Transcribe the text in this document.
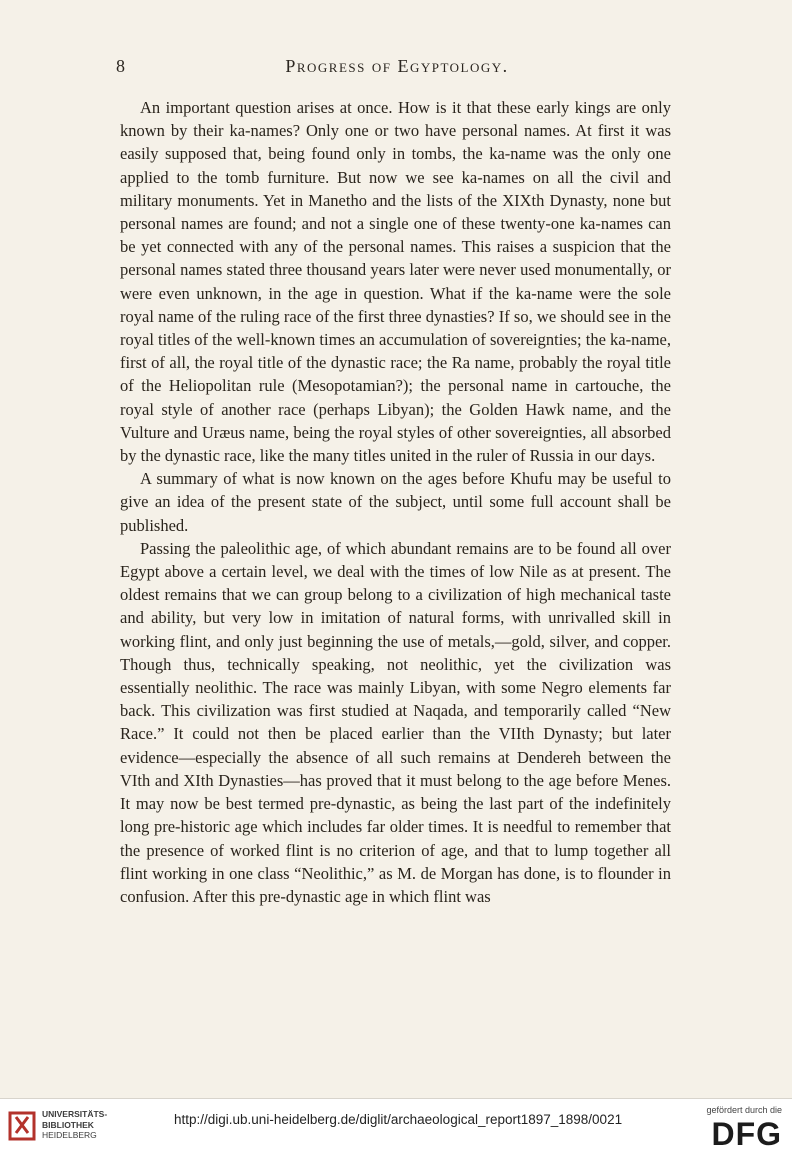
8	Progress of Egyptology.

An important question arises at once. How is it that these early kings are only known by their ka-names? Only one or two have personal names. At first it was easily supposed that, being found only in tombs, the ka-name was the only one applied to the tomb furniture. But now we see ka-names on all the civil and military monuments. Yet in Manetho and the lists of the XIXth Dynasty, none but personal names are found; and not a single one of these twenty-one ka-names can be yet connected with any of the personal names. This raises a suspicion that the personal names stated three thousand years later were never used monumentally, or were even unknown, in the age in question. What if the ka-name were the sole royal name of the ruling race of the first three dynasties? If so, we should see in the royal titles of the well-known times an accumulation of sovereignties; the ka-name, first of all, the royal title of the dynastic race; the Ra name, probably the royal title of the Heliopolitan rule (Mesopotamian?); the personal name in cartouche, the royal style of another race (perhaps Libyan); the Golden Hawk name, and the Vulture and Uræus name, being the royal styles of other sovereignties, all absorbed by the dynastic race, like the many titles united in the ruler of Russia in our days.

A summary of what is now known on the ages before Khufu may be useful to give an idea of the present state of the subject, until some full account shall be published.

Passing the paleolithic age, of which abundant remains are to be found all over Egypt above a certain level, we deal with the times of low Nile as at present. The oldest remains that we can group belong to a civilization of high mechanical taste and ability, but very low in imitation of natural forms, with unrivalled skill in working flint, and only just beginning the use of metals,—gold, silver, and copper. Though thus, technically speaking, not neolithic, yet the civilization was essentially neolithic. The race was mainly Libyan, with some Negro elements far back. This civilization was first studied at Naqada, and temporarily called “New Race.” It could not then be placed earlier than the VIIth Dynasty; but later evidence—especially the absence of all such remains at Dendereh between the VIth and XIth Dynasties—has proved that it must belong to the age before Menes. It may now be best termed pre-dynastic, as being the last part of the indefinitely long pre-historic age which includes far older times. It is needful to remember that the presence of worked flint is no criterion of age, and that to lump together all flint working in one class “Neolithic,” as M. de Morgan has done, is to flounder in confusion. After this pre-dynastic age in which flint was

UNIVERSITÄTS-
BIBLIOTHEK
HEIDELBERG
http://digi.ub.uni-heidelberg.de/diglit/archaeological_report1897_1898/0021
gefördert durch die
DFG
